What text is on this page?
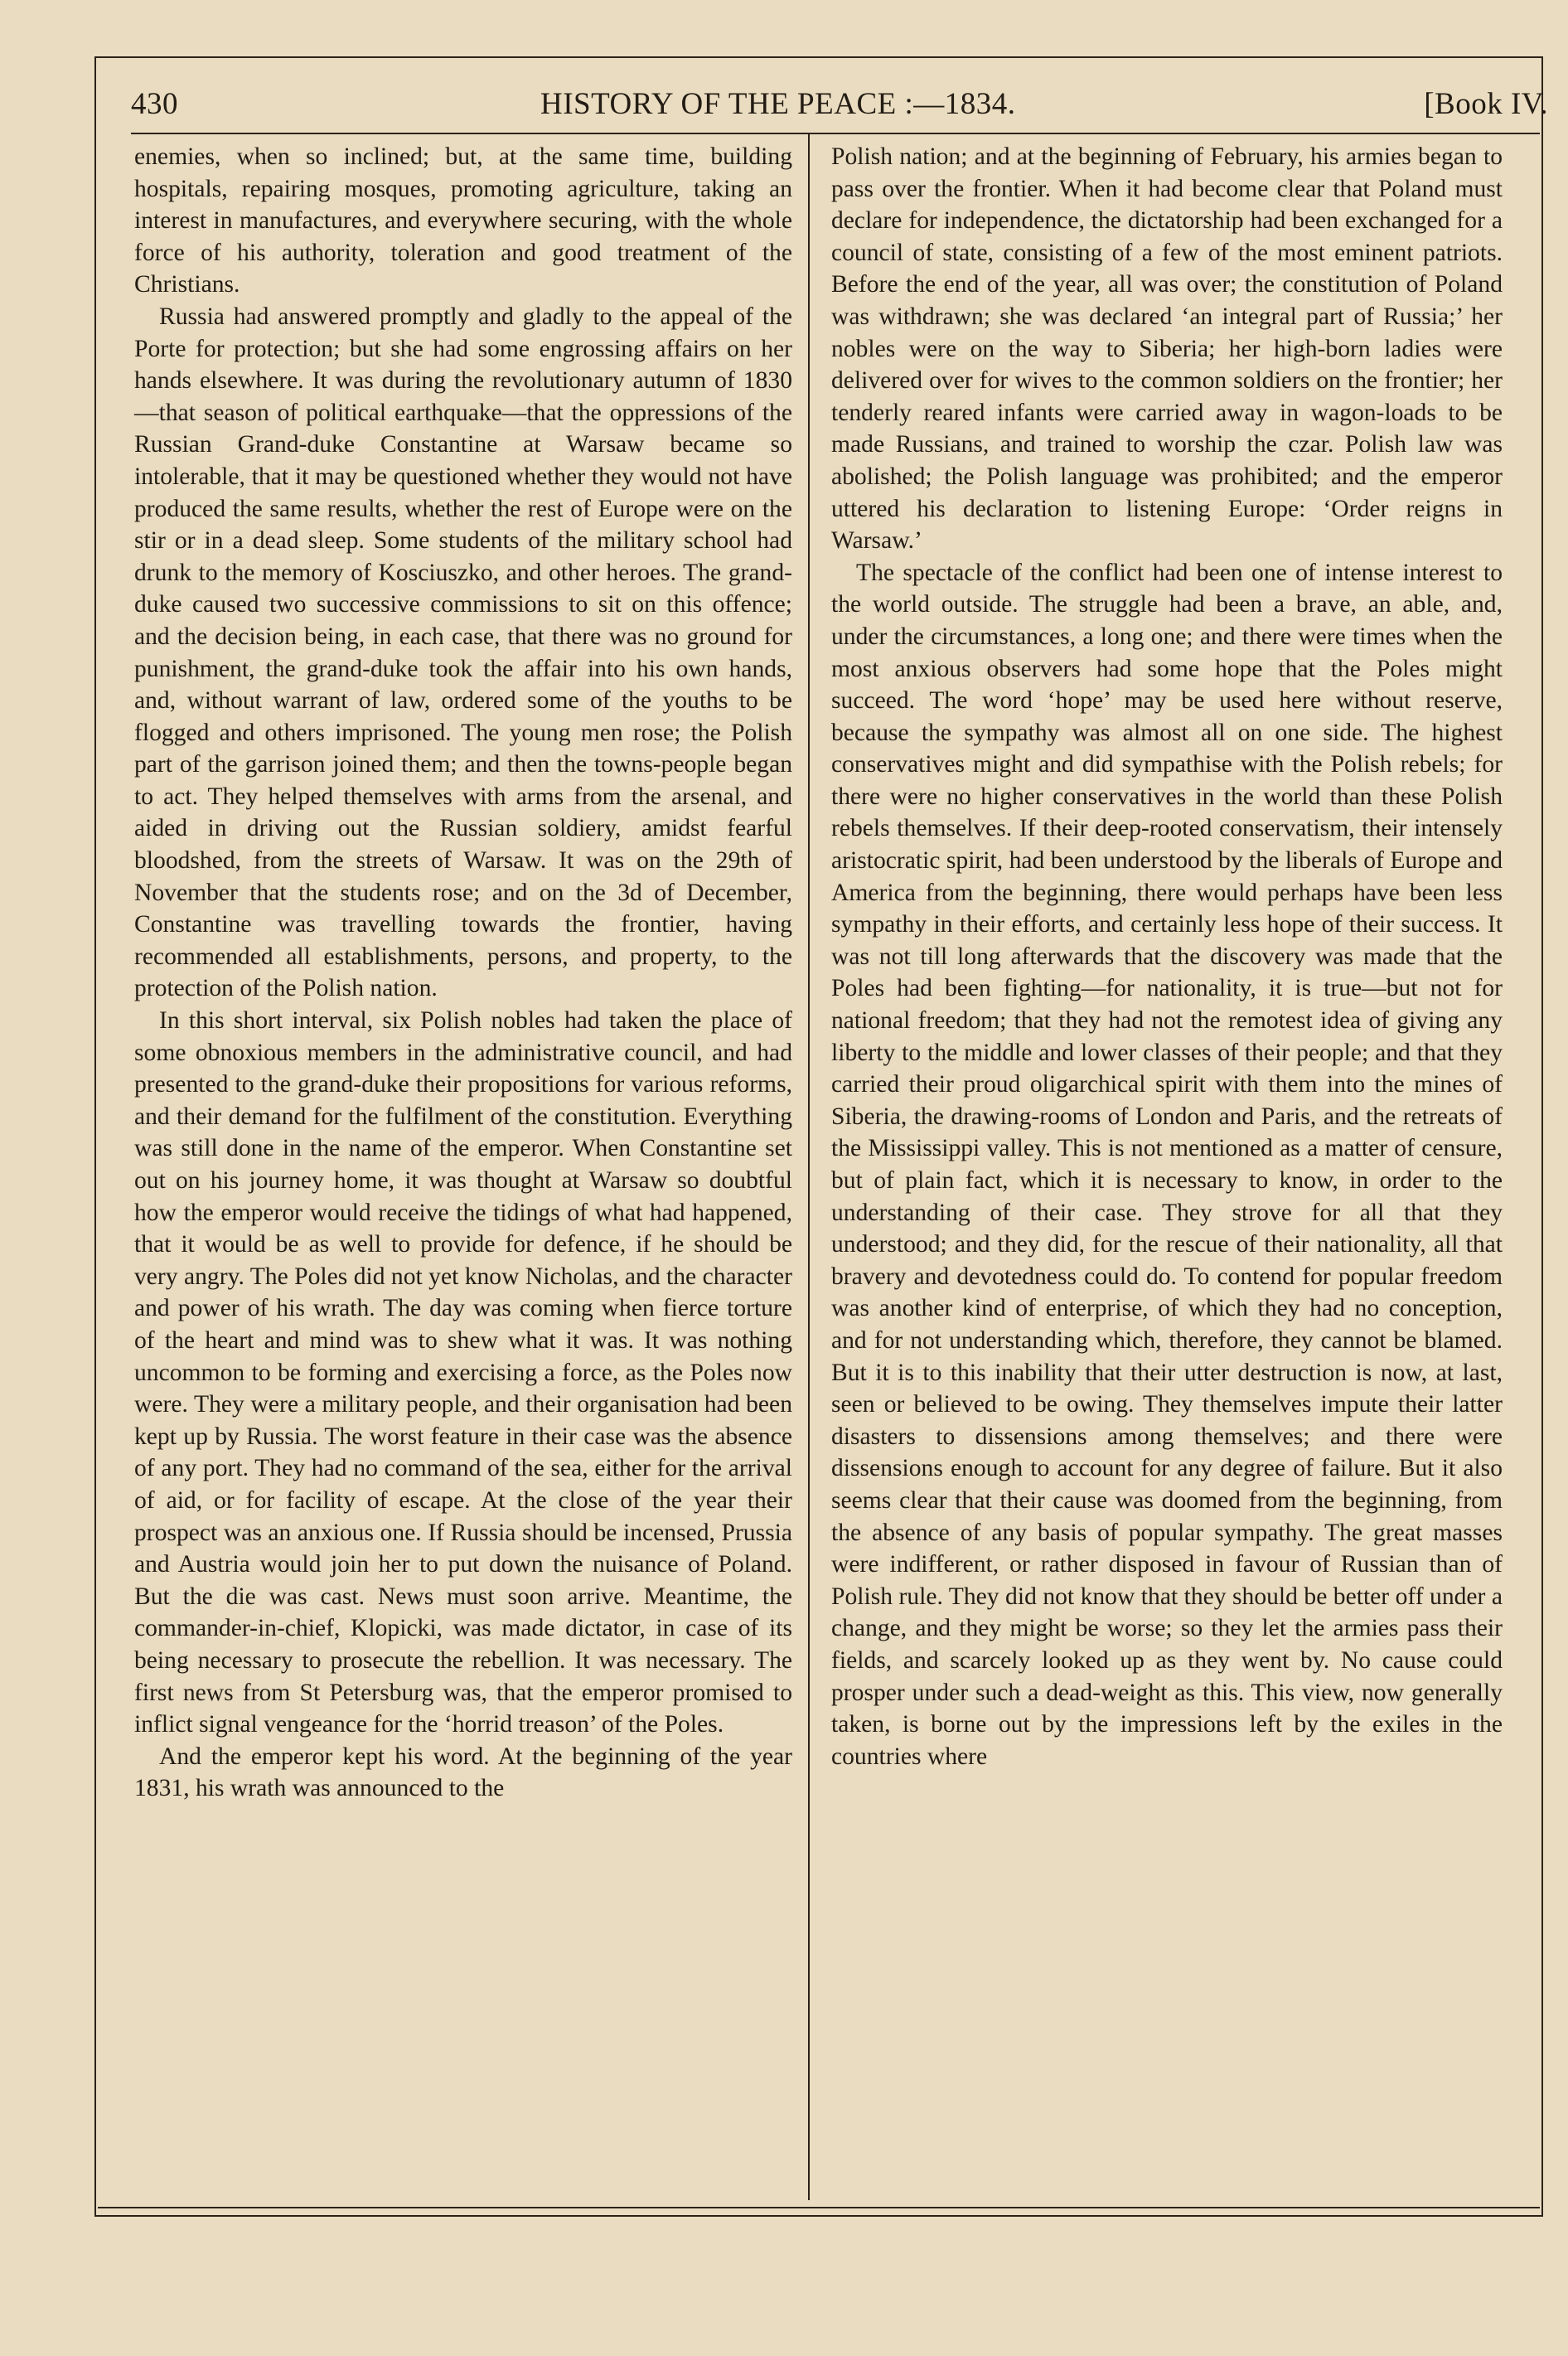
430	HISTORY OF THE PEACE :—1834.	[Book IV.

enemies, when so inclined; but, at the same time, building hospitals, repairing mosques, promoting agriculture, taking an interest in manufactures, and everywhere securing, with the whole force of his authority, toleration and good treatment of the Christians.

Russia had answered promptly and gladly to the appeal of the Porte for protection; but she had some engrossing affairs on her hands elsewhere. It was during the revolutionary autumn of 1830—that season of political earthquake—that the oppressions of the Russian Grand-duke Constantine at Warsaw became so intolerable, that it may be questioned whether they would not have produced the same results, whether the rest of Europe were on the stir or in a dead sleep. Some students of the military school had drunk to the memory of Kosciuszko, and other heroes. The grand-duke caused two successive commissions to sit on this offence; and the decision being, in each case, that there was no ground for punishment, the grand-duke took the affair into his own hands, and, without warrant of law, ordered some of the youths to be flogged and others imprisoned. The young men rose; the Polish part of the garrison joined them; and then the towns-people began to act. They helped themselves with arms from the arsenal, and aided in driving out the Russian soldiery, amidst fearful bloodshed, from the streets of Warsaw. It was on the 29th of November that the students rose; and on the 3d of December, Constantine was travelling towards the frontier, having recommended all establishments, persons, and property, to the protection of the Polish nation.

In this short interval, six Polish nobles had taken the place of some obnoxious members in the administrative council, and had presented to the grand-duke their propositions for various reforms, and their demand for the fulfilment of the constitution. Everything was still done in the name of the emperor. When Constantine set out on his journey home, it was thought at Warsaw so doubtful how the emperor would receive the tidings of what had happened, that it would be as well to provide for defence, if he should be very angry. The Poles did not yet know Nicholas, and the character and power of his wrath. The day was coming when fierce torture of the heart and mind was to shew what it was. It was nothing uncommon to be forming and exercising a force, as the Poles now were. They were a military people, and their organisation had been kept up by Russia. The worst feature in their case was the absence of any port. They had no command of the sea, either for the arrival of aid, or for facility of escape. At the close of the year their prospect was an anxious one. If Russia should be incensed, Prussia and Austria would join her to put down the nuisance of Poland. But the die was cast. News must soon arrive. Meantime, the commander-in-chief, Klopicki, was made dictator, in case of its being necessary to prosecute the rebellion. It was necessary. The first news from St Petersburg was, that the emperor promised to inflict signal vengeance for the ‘horrid treason’ of the Poles.

And the emperor kept his word. At the beginning of the year 1831, his wrath was announced to the

Polish nation; and at the beginning of February, his armies began to pass over the frontier. When it had become clear that Poland must declare for independence, the dictatorship had been exchanged for a council of state, consisting of a few of the most eminent patriots. Before the end of the year, all was over; the constitution of Poland was withdrawn; she was declared ‘an integral part of Russia;’ her nobles were on the way to Siberia; her high-born ladies were delivered over for wives to the common soldiers on the frontier; her tenderly reared infants were carried away in wagon-loads to be made Russians, and trained to worship the czar. Polish law was abolished; the Polish language was prohibited; and the emperor uttered his declaration to listening Europe: ‘Order reigns in Warsaw.’

The spectacle of the conflict had been one of intense interest to the world outside. The struggle had been a brave, an able, and, under the circumstances, a long one; and there were times when the most anxious observers had some hope that the Poles might succeed. The word ‘hope’ may be used here without reserve, because the sympathy was almost all on one side. The highest conservatives might and did sympathise with the Polish rebels; for there were no higher conservatives in the world than these Polish rebels themselves. If their deep-rooted conservatism, their intensely aristocratic spirit, had been understood by the liberals of Europe and America from the beginning, there would perhaps have been less sympathy in their efforts, and certainly less hope of their success. It was not till long afterwards that the discovery was made that the Poles had been fighting—for nationality, it is true—but not for national freedom; that they had not the remotest idea of giving any liberty to the middle and lower classes of their people; and that they carried their proud oligarchical spirit with them into the mines of Siberia, the drawing-rooms of London and Paris, and the retreats of the Mississippi valley. This is not mentioned as a matter of censure, but of plain fact, which it is necessary to know, in order to the understanding of their case. They strove for all that they understood; and they did, for the rescue of their nationality, all that bravery and devotedness could do. To contend for popular freedom was another kind of enterprise, of which they had no conception, and for not understanding which, therefore, they cannot be blamed. But it is to this inability that their utter destruction is now, at last, seen or believed to be owing. They themselves impute their latter disasters to dissensions among themselves; and there were dissensions enough to account for any degree of failure. But it also seems clear that their cause was doomed from the beginning, from the absence of any basis of popular sympathy. The great masses were indifferent, or rather disposed in favour of Russian than of Polish rule. They did not know that they should be better off under a change, and they might be worse; so they let the armies pass their fields, and scarcely looked up as they went by. No cause could prosper under such a dead-weight as this. This view, now generally taken, is borne out by the impressions left by the exiles in the countries where
